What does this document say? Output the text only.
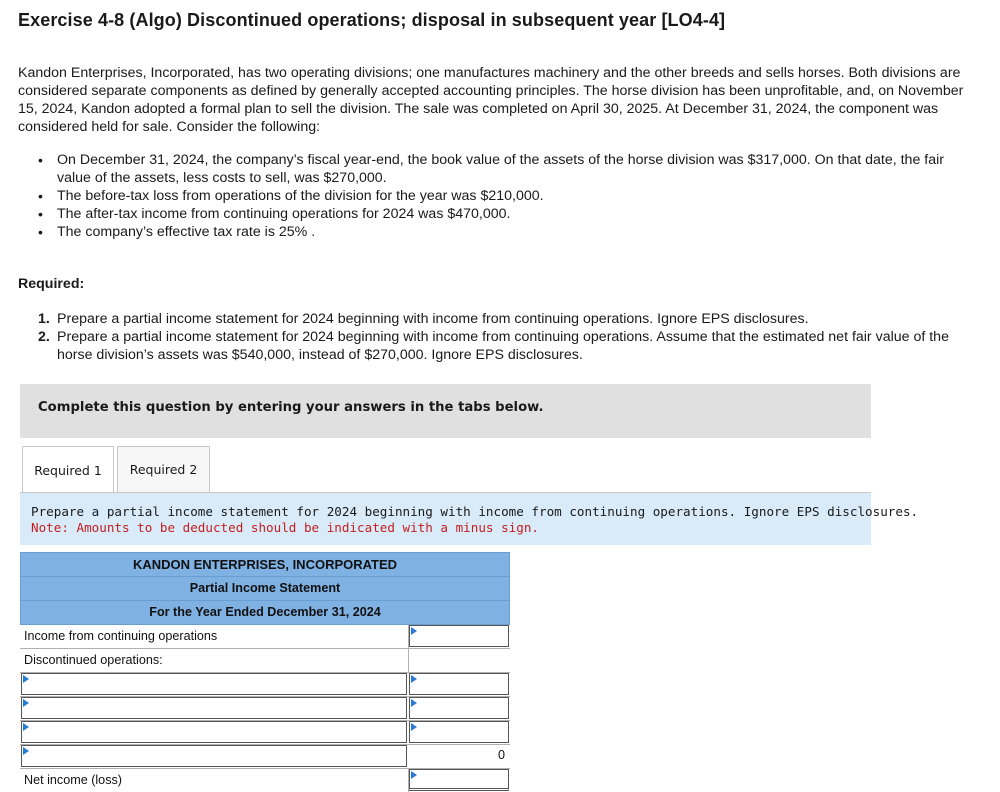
Exercise 4-8 (Algo) Discontinued operations; disposal in subsequent year [LO4-4]

Kandon Enterprises, Incorporated, has two operating divisions; one manufactures machinery and the other breeds and sells horses. Both divisions are considered separate components as defined by generally accepted accounting principles. The horse division has been unprofitable, and, on November 15, 2024, Kandon adopted a formal plan to sell the division. The sale was completed on April 30, 2025. At December 31, 2024, the component was considered held for sale. Consider the following:

• On December 31, 2024, the company’s fiscal year-end, the book value of the assets of the horse division was $317,000. On that date, the fair value of the assets, less costs to sell, was $270,000.
• The before-tax loss from operations of the division for the year was $210,000.
• The after-tax income from continuing operations for 2024 was $470,000.
• The company’s effective tax rate is 25% .
Required:
1. Prepare a partial income statement for 2024 beginning with income from continuing operations. Ignore EPS disclosures.
2. Prepare a partial income statement for 2024 beginning with income from continuing operations. Assume that the estimated net fair value of the horse division’s assets was $540,000, instead of $270,000. Ignore EPS disclosures.
Complete this question by entering your answers in the tabs below.
Required 1 Required 2
Prepare a partial income statement for 2024 beginning with income from continuing operations. Ignore EPS disclosures.
Note: Amounts to be deducted should be indicated with a minus sign.
KANDON ENTERPRISES, INCORPORATED
Partial Income Statement
For the Year Ended December 31, 2024
Income from continuing operations
Discontinued operations:
0
Net income (loss)
